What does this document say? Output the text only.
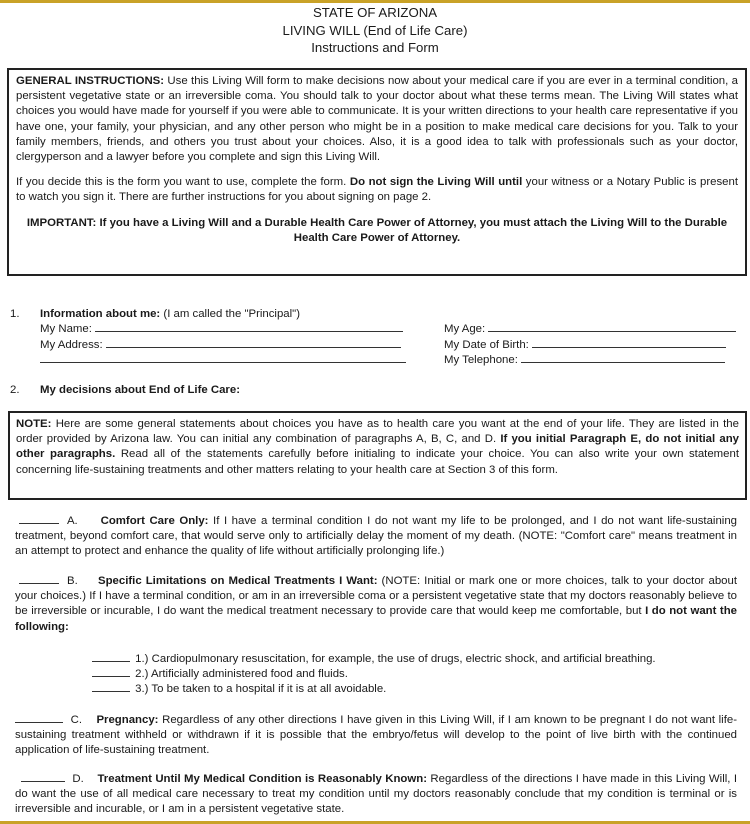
STATE OF ARIZONA
LIVING WILL (End of Life Care)
Instructions and Form

GENERAL INSTRUCTIONS: Use this Living Will form to make decisions now about your medical care if you are ever in a terminal condition, a persistent vegetative state or an irreversible coma. You should talk to your doctor about what these terms mean. The Living Will states what choices you would have made for yourself if you were able to communicate. It is your written directions to your health care representative if you have one, your family, your physician, and any other person who might be in a position to make medical care decisions for you. Talk to your family members, friends, and others you trust about your choices. Also, it is a good idea to talk with professionals such as your doctor, clergyperson and a lawyer before you complete and sign this Living Will.

If you decide this is the form you want to use, complete the form. Do not sign the Living Will until your witness or a Notary Public is present to watch you sign it. There are further instructions for you about signing on page 2.

IMPORTANT: If you have a Living Will and a Durable Health Care Power of Attorney, you must attach the Living Will to the Durable Health Care Power of Attorney.

1. Information about me: (I am called the "Principal")
My Name:	My Age:
My Address:	My Date of Birth:
My Telephone:
2. My decisions about End of Life Care:

NOTE: Here are some general statements about choices you have as to health care you want at the end of your life. They are listed in the order provided by Arizona law. You can initial any combination of paragraphs A, B, C, and D. If you initial Paragraph E, do not initial any other paragraphs. Read all of the statements carefully before initialing to indicate your choice. You can also write your own statement concerning life-sustaining treatments and other matters relating to your health care at Section 3 of this form.

A. Comfort Care Only: If I have a terminal condition I do not want my life to be prolonged, and I do not want life-sustaining treatment, beyond comfort care, that would serve only to artificially delay the moment of my death. (NOTE: "Comfort care" means treatment in an attempt to protect and enhance the quality of life without artificially prolonging life.)
B. Specific Limitations on Medical Treatments I Want: (NOTE: Initial or mark one or more choices, talk to your doctor about your choices.) If I have a terminal condition, or am in an irreversible coma or a persistent vegetative state that my doctors reasonably believe to be irreversible or incurable, I do want the medical treatment necessary to provide care that would keep me comfortable, but I do not want the following:
1.) Cardiopulmonary resuscitation, for example, the use of drugs, electric shock, and artificial breathing.
2.) Artificially administered food and fluids.
3.) To be taken to a hospital if it is at all avoidable.
C. Pregnancy: Regardless of any other directions I have given in this Living Will, if I am known to be pregnant I do not want life-sustaining treatment withheld or withdrawn if it is possible that the embryo/fetus will develop to the point of live birth with the continued application of life-sustaining treatment.
D. Treatment Until My Medical Condition is Reasonably Known: Regardless of the directions I have made in this Living Will, I do want the use of all medical care necessary to treat my condition until my doctors reasonably conclude that my condition is terminal or is irreversible and incurable, or I am in a persistent vegetative state.
